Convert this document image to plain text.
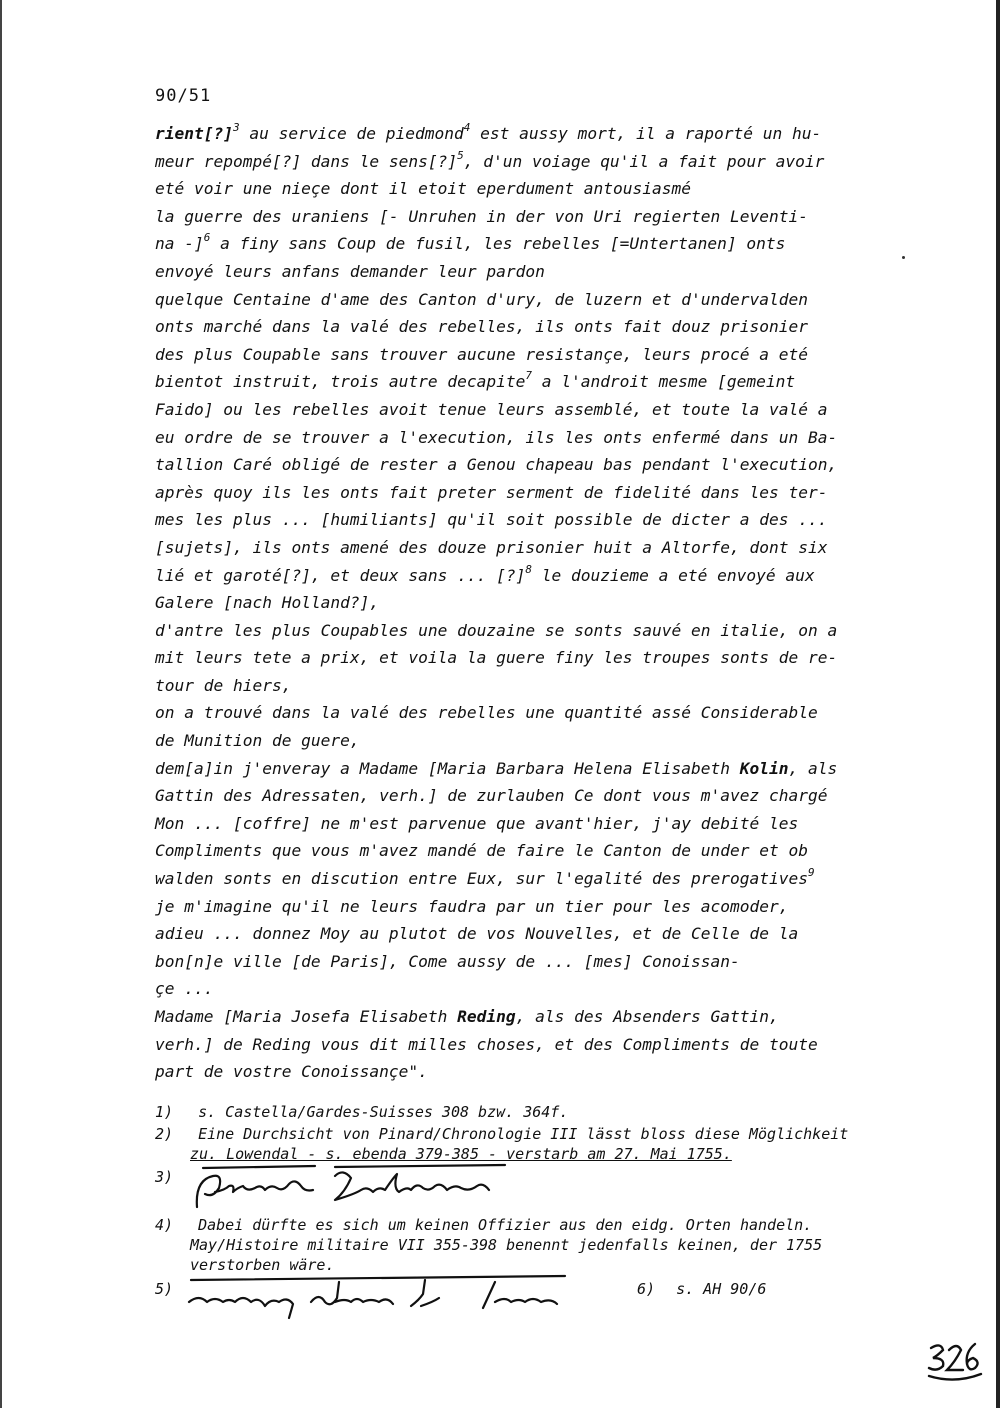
90/51
rient[?]$^3$ au service de piedmond$^4$ est aussy mort, il a raporté un hu-
meur repompé[?] dans le sens[?]$^5$, d'un voiage qu'il a fait pour avoir
eté voir une nieçe dont il etoit eperdument antousiasmé
la guerre des uraniens [- Unruhen in der von Uri regierten Leventi-
na -]$^6$ a finy sans Coup de fusil, les rebelles [=Untertanen] onts
envoyé leurs anfans demander leur pardon
quelque Centaine d'ame des Canton d'ury, de luzern et d'undervalden
onts marché dans la valé des rebelles, ils onts fait douz prisonier
des plus Coupable sans trouver aucune resistançe, leurs procé a eté
bientot instruit, trois autre decapite$^7$ a l'androit mesme [gemeint
Faido] ou les rebelles avoit tenue leurs assemblé, et toute la valé a
eu ordre de se trouver a l'execution, ils les onts enfermé dans un Ba-
tallion Caré obligé de rester a Genou chapeau bas pendant l'execution,
après quoy ils les onts fait preter serment de fidelité dans les ter-
mes les plus ... [humiliants] qu'il soit possible de dicter a des ...
[sujets], ils onts amené des douze prisonier huit a Altorfe, dont six
lié et garoté[?], et deux sans ... [?]$^8$ le douzieme a eté envoyé aux
Galere [nach Holland?],
d'antre les plus Coupables une douzaine se sonts sauvé en italie, on a
mit leurs tete a prix, et voila la guere finy les troupes sonts de re-
tour de hiers,
on a trouvé dans la valé des rebelles une quantité assé Considerable
de Munition de guere,
dem[a]in j'enveray a Madame [Maria Barbara Helena Elisabeth Kolin, als
Gattin des Adressaten, verh.] de zurlauben Ce dont vous m'avez chargé
Mon ... [coffre] ne m'est parvenue que avant'hier, j'ay debité les
Compliments que vous m'avez mandé de faire le Canton de under et ob
walden sonts en discution entre Eux, sur l'egalité des prerogatives$^9$
je m'imagine qu'il ne leurs faudra par un tier pour les acomoder,
adieu ... donnez Moy au plutot de vos Nouvelles, et de Celle de la
bon[n]e ville [de Paris], Come aussy de ... [mes] Conoissan-
çe ...
Madame [Maria Josefa Elisabeth Reding, als des Absenders Gattin,
verh.] de Reding vous dit milles choses, et des Compliments de toute
part de vostre Conoissançe".
1) s. Castella/Gardes-Suisses 308 bzw. 364f.
2) Eine Durchsicht von Pinard/Chronologie III lässt bloss diese Möglichkeit
zu. Lowendal - s. ebenda 379-385 - verstarb am 27. Mai 1755.
3)
4) Dabei dürfte es sich um keinen Offizier aus den eidg. Orten handeln.
May/Histoire militaire VII 355-398 benennt jedenfalls keinen, der 1755
verstorben wäre.
5)	6) s. AH 90/6
